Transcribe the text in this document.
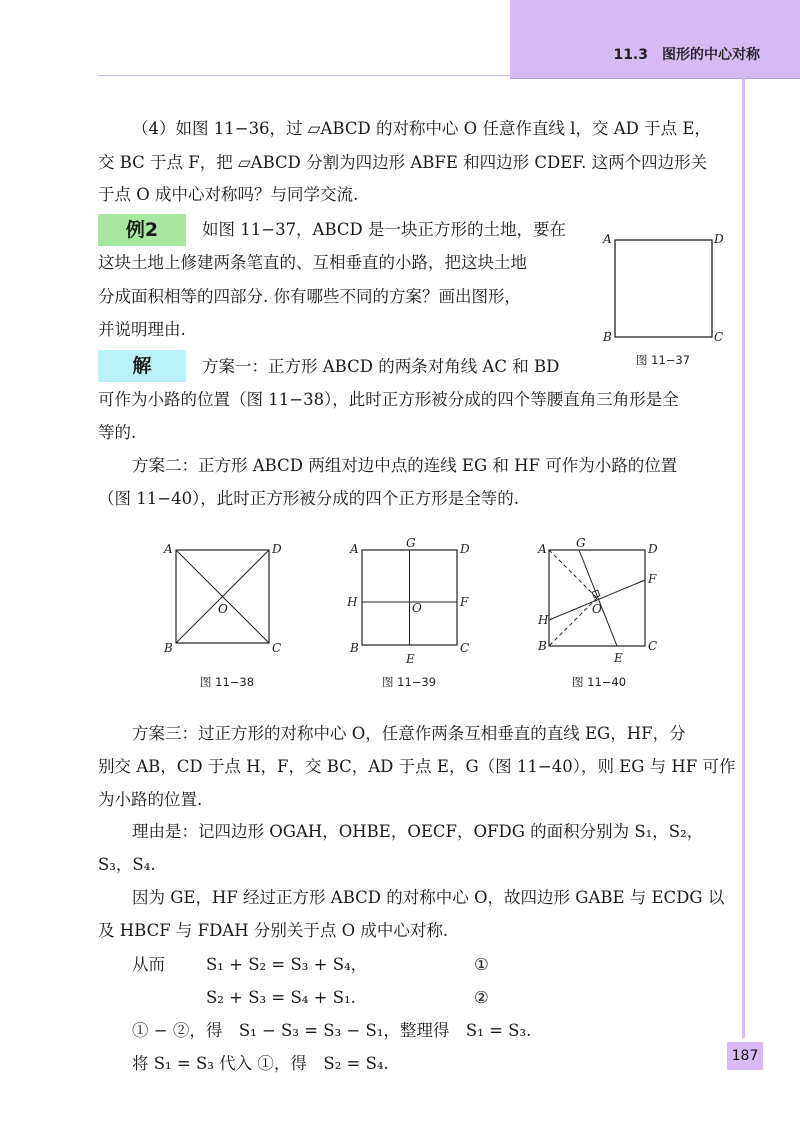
11.3　图形的中心对称
（4）如图 11−36，过 ▱ABCD 的对称中心 O 任意作直线 l，交 AD 于点 E，
交 BC 于点 F，把 ▱ABCD 分割为四边形 ABFE 和四边形 CDEF. 这两个四边形关
于点 O 成中心对称吗？与同学交流.
例2	如图 11−37，ABCD 是一块正方形的土地，要在
这块土地上修建两条笔直的、互相垂直的小路，把这块土地
分成面积相等的四部分. 你有哪些不同的方案？画出图形，
并说明理由.
A	D
B	C
图 11−37
解	方案一：正方形 ABCD 的两条对角线 AC 和 BD
可作为小路的位置（图 11−38），此时正方形被分成的四个等腰直角三角形是全
等的.
方案二：正方形 ABCD 两组对边中点的连线 EG 和 HF 可作为小路的位置
（图 11−40），此时正方形被分成的四个正方形是全等的.
A	D
B	C
O
图 11−38
A	D
B	C
G
E
H	F
O
图 11−39
A	D
B	C
G
E
H
F
O
图 11−40
方案三：过正方形的对称中心 O，任意作两条互相垂直的直线 EG，HF，分
别交 AB，CD 于点 H，F，交 BC，AD 于点 E，G（图 11−40），则 EG 与 HF 可作
为小路的位置.
理由是：记四边形 OGAH，OHBE，OECF，OFDG 的面积分别为 S₁，S₂，
S₃，S₄.
因为 GE，HF 经过正方形 ABCD 的对称中心 O，故四边形 GABE 与 ECDG 以
及 HBCF 与 FDAH 分别关于点 O 成中心对称.
从而 S₁ + S₂ = S₃ + S₄，	①
S₂ + S₃ = S₄ + S₁.	②
① − ②，得　S₁ − S₃ = S₃ − S₁，整理得　S₁ = S₃.
将 S₁ = S₃ 代入 ①，得　S₂ = S₄.	187
